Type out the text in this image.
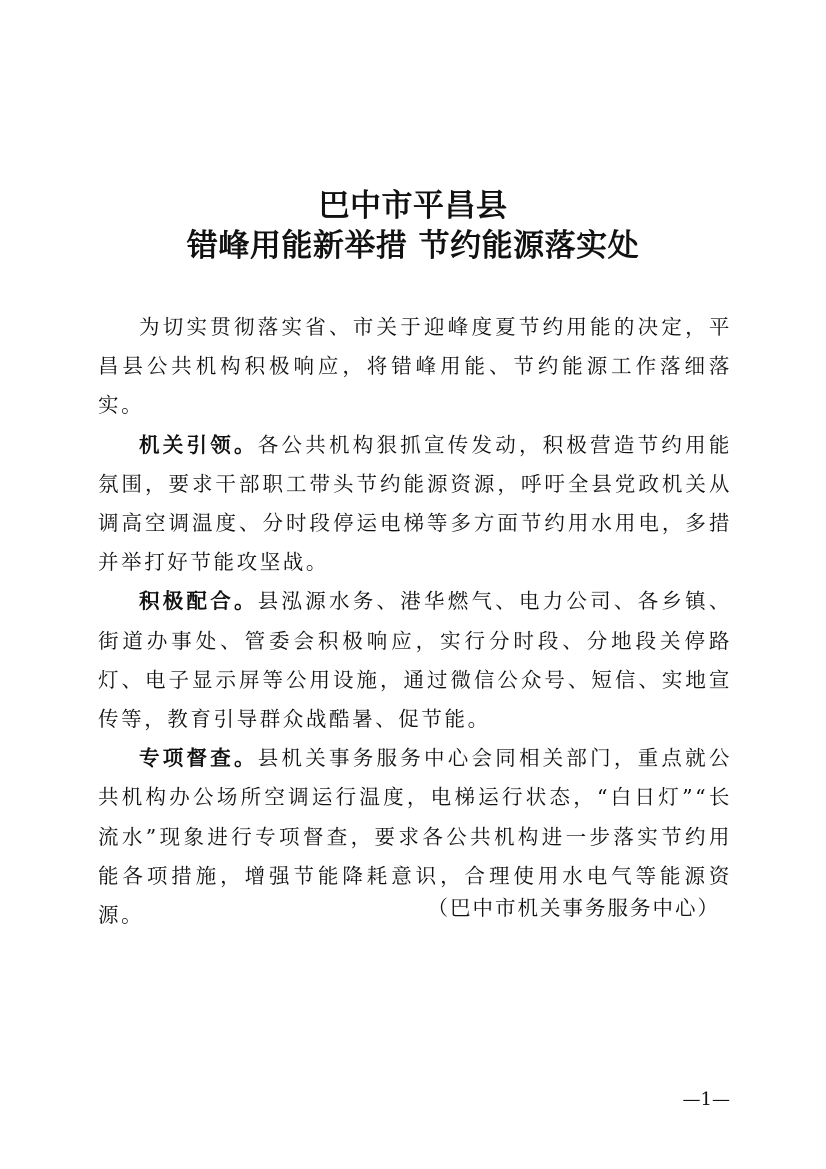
巴中市平昌县
错峰用能新举措 节约能源落实处

为切实贯彻落实省、市关于迎峰度夏节约用能的决定，平昌县公共机构积极响应，将错峰用能、节约能源工作落细落实。

机关引领。各公共机构狠抓宣传发动，积极营造节约用能氛围，要求干部职工带头节约能源资源，呼吁全县党政机关从调高空调温度、分时段停运电梯等多方面节约用水用电，多措并举打好节能攻坚战。

积极配合。县泓源水务、港华燃气、电力公司、各乡镇、街道办事处、管委会积极响应，实行分时段、分地段关停路灯、电子显示屏等公用设施，通过微信公众号、短信、实地宣传等，教育引导群众战酷暑、促节能。

专项督查。县机关事务服务中心会同相关部门，重点就公共机构办公场所空调运行温度，电梯运行状态，“白日灯”“长流水”现象进行专项督查，要求各公共机构进一步落实节约用能各项措施，增强节能降耗意识，合理使用水电气等能源资源。	（巴中市机关事务服务中心）
—1—
